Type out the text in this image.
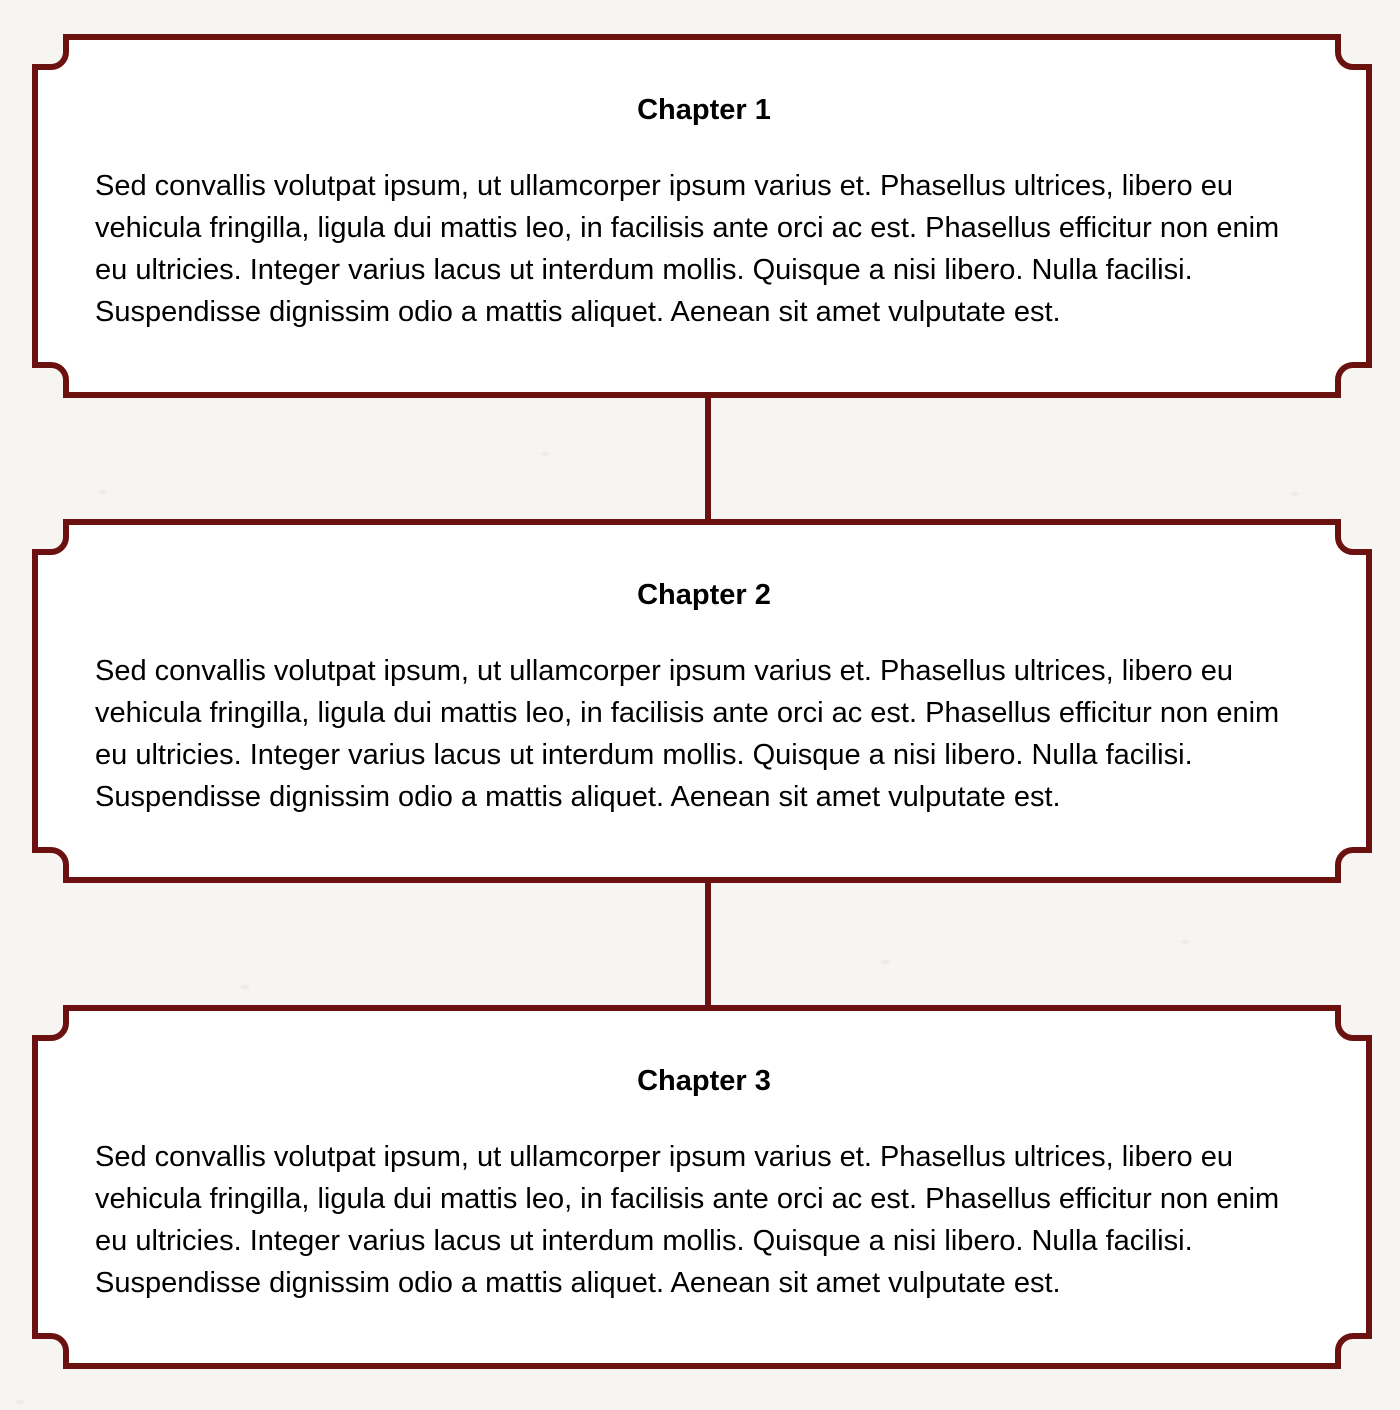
Chapter 1

Sed convallis volutpat ipsum, ut ullamcorper ipsum varius et. Phasellus ultrices, libero eu vehicula fringilla, ligula dui mattis leo, in facilisis ante orci ac est. Phasellus efficitur non enim eu ultricies. Integer varius lacus ut interdum mollis. Quisque a nisi libero. Nulla facilisi. Suspendisse dignissim odio a mattis aliquet. Aenean sit amet vulputate est.

Chapter 2

Sed convallis volutpat ipsum, ut ullamcorper ipsum varius et. Phasellus ultrices, libero eu vehicula fringilla, ligula dui mattis leo, in facilisis ante orci ac est. Phasellus efficitur non enim eu ultricies. Integer varius lacus ut interdum mollis. Quisque a nisi libero. Nulla facilisi. Suspendisse dignissim odio a mattis aliquet. Aenean sit amet vulputate est.

Chapter 3

Sed convallis volutpat ipsum, ut ullamcorper ipsum varius et. Phasellus ultrices, libero eu vehicula fringilla, ligula dui mattis leo, in facilisis ante orci ac est. Phasellus efficitur non enim eu ultricies. Integer varius lacus ut interdum mollis. Quisque a nisi libero. Nulla facilisi. Suspendisse dignissim odio a mattis aliquet. Aenean sit amet vulputate est.
